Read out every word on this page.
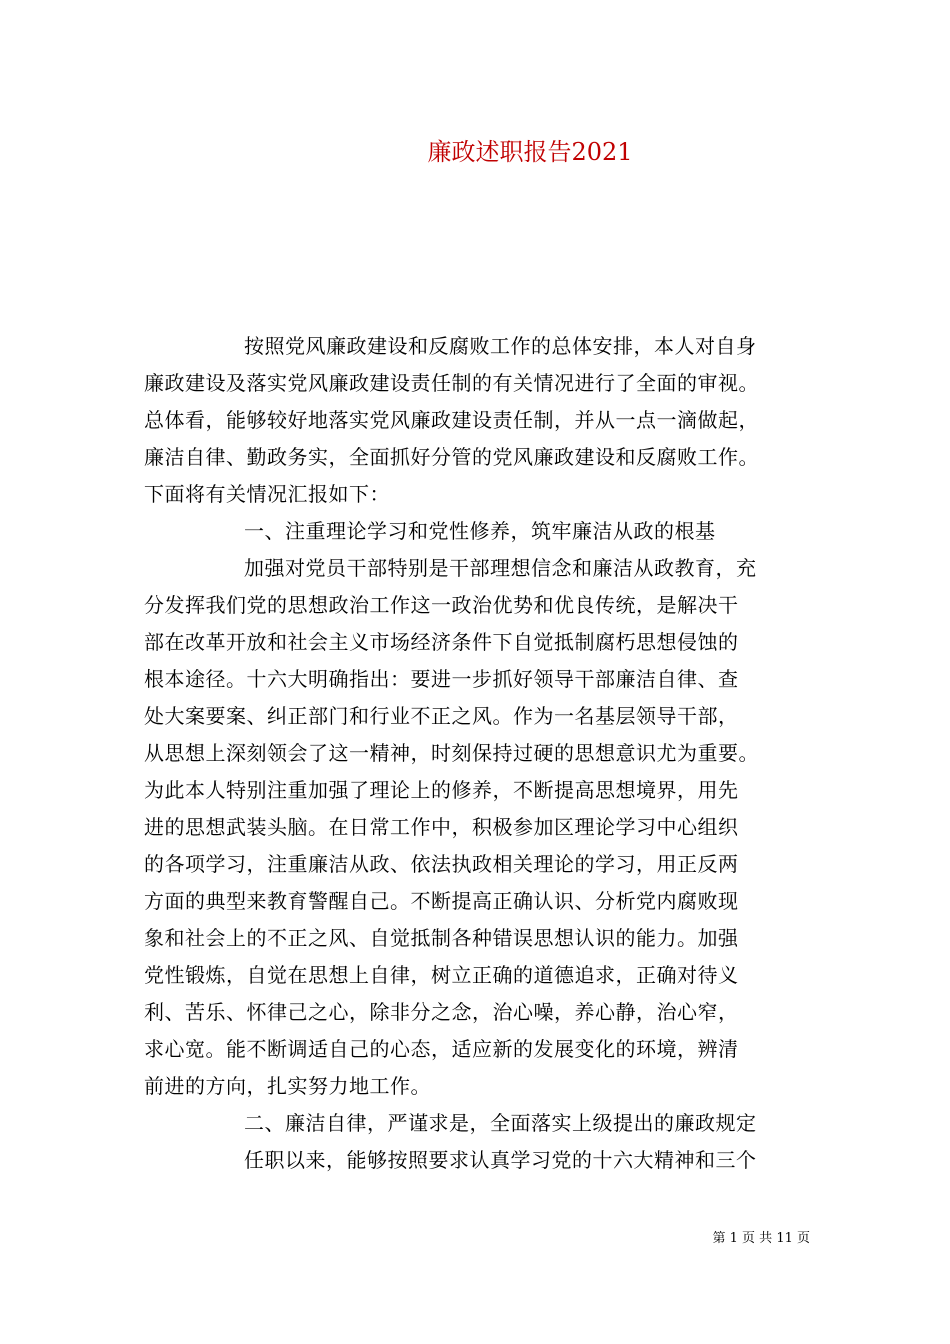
廉政述职报告2021
按照党风廉政建设和反腐败工作的总体安排，本人对自身
廉政建设及落实党风廉政建设责任制的有关情况进行了全面的审视。
总体看，能够较好地落实党风廉政建设责任制，并从一点一滴做起，
廉洁自律、勤政务实，全面抓好分管的党风廉政建设和反腐败工作。
下面将有关情况汇报如下：
一、注重理论学习和党性修养，筑牢廉洁从政的根基
加强对党员干部特别是干部理想信念和廉洁从政教育，充
分发挥我们党的思想政治工作这一政治优势和优良传统，是解决干
部在改革开放和社会主义市场经济条件下自觉抵制腐朽思想侵蚀的
根本途径。十六大明确指出：要进一步抓好领导干部廉洁自律、查
处大案要案、纠正部门和行业不正之风。作为一名基层领导干部，
从思想上深刻领会了这一精神，时刻保持过硬的思想意识尤为重要。
为此本人特别注重加强了理论上的修养，不断提高思想境界，用先
进的思想武装头脑。在日常工作中，积极参加区理论学习中心组织
的各项学习，注重廉洁从政、依法执政相关理论的学习，用正反两
方面的典型来教育警醒自己。不断提高正确认识、分析党内腐败现
象和社会上的不正之风、自觉抵制各种错误思想认识的能力。加强
党性锻炼，自觉在思想上自律，树立正确的道德追求，正确对待义
利、苦乐、怀律己之心，除非分之念，治心噪，养心静，治心窄，
求心宽。能不断调适自己的心态，适应新的发展变化的环境，辨清
前进的方向，扎实努力地工作。
二、廉洁自律，严谨求是，全面落实上级提出的廉政规定
任职以来，能够按照要求认真学习党的十六大精神和三个
第 1 页 共 11 页
